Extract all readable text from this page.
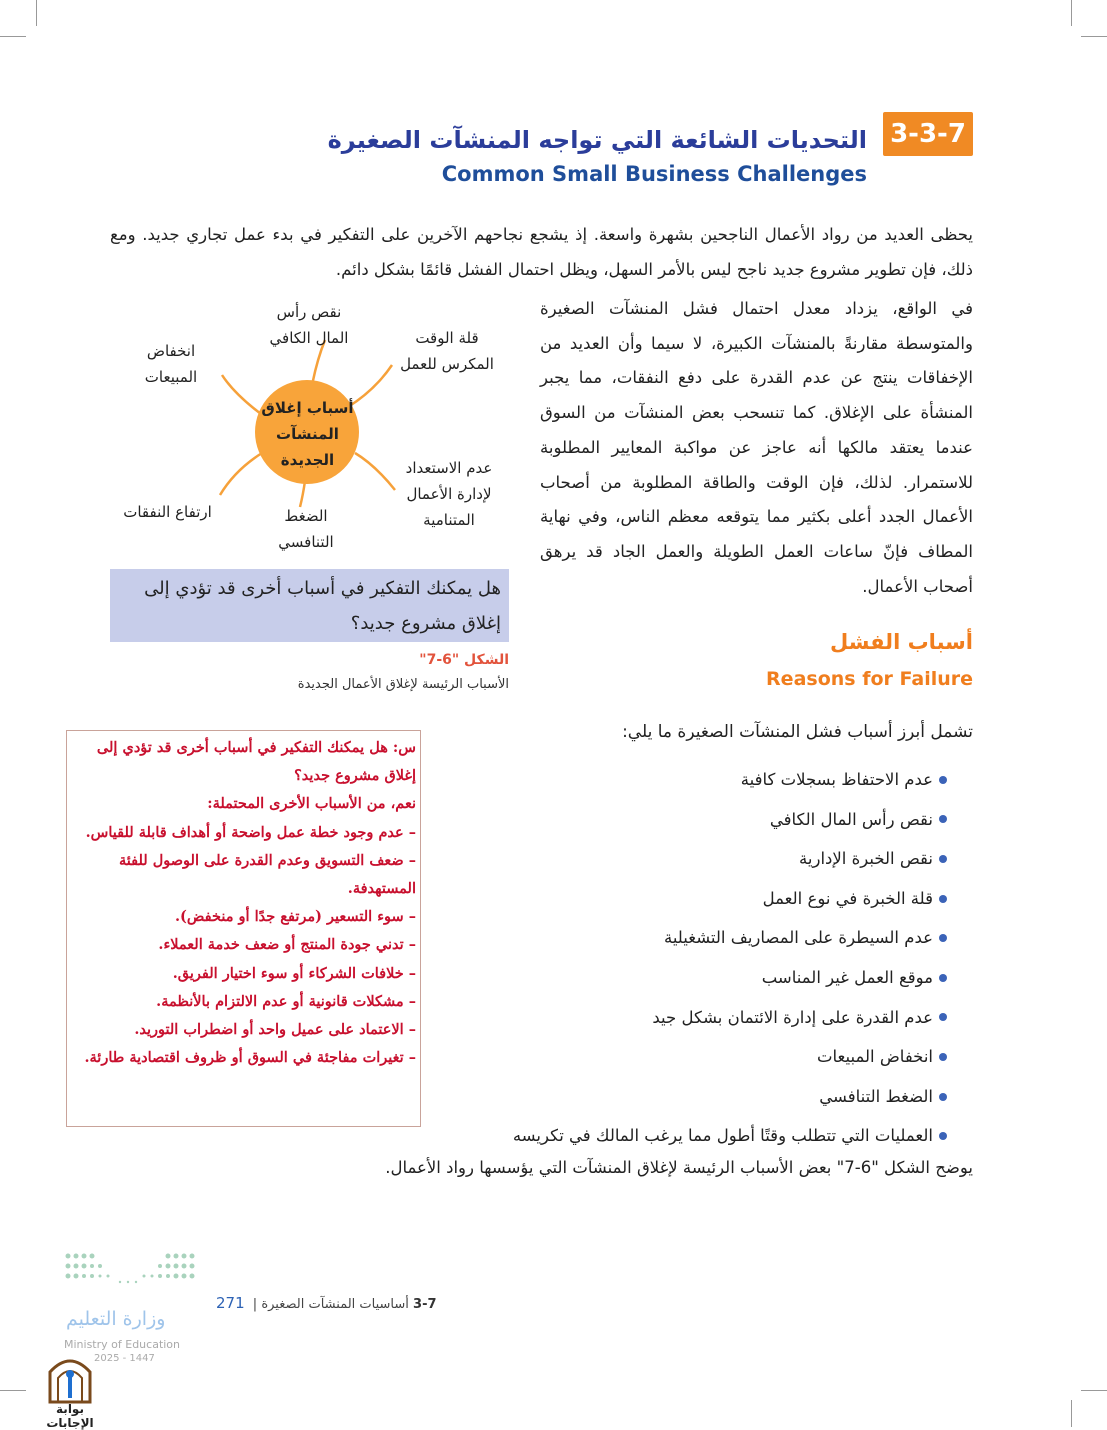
3-3-7
التحديات الشائعة التي تواجه المنشآت الصغيرة
Common Small Business Challenges
يحظى العديد من رواد الأعمال الناجحين بشهرة واسعة. إذ يشجع نجاحهم الآخرين على التفكير في بدء عمل تجاري جديد. ومع ذلك، فإن تطوير مشروع جديد ناجح ليس بالأمر السهل، ويظل احتمال الفشل قائمًا بشكل دائم.
في الواقع، يزداد معدل احتمال فشل المنشآت الصغيرة والمتوسطة مقارنةً بالمنشآت الكبيرة، لا سيما وأن العديد من الإخفاقات ينتج عن عدم القدرة على دفع النفقات، مما يجبر المنشأة على الإغلاق. كما تنسحب بعض المنشآت من السوق عندما يعتقد مالكها أنه عاجز عن مواكبة المعايير المطلوبة للاستمرار. لذلك، فإن الوقت والطاقة المطلوبة من أصحاب الأعمال الجدد أعلى بكثير مما يتوقعه معظم الناس، وفي نهاية المطاف فإنّ ساعات العمل الطويلة والعمل الجاد قد يرهق أصحاب الأعمال.
أسباب إغلاق المنشآت الجديدة
نقص رأس المال الكافي	قلة الوقت المكرس للعمل
انخفاض المبيعات
عدم الاستعداد لإدارة الأعمال المتنامية
الضغط التنافسي
ارتفاع النفقات
هل يمكنك التفكير في أسباب أخرى قد تؤدي إلى إغلاق مشروع جديد؟
الشكل "6-7"
الأسباب الرئيسة لإغلاق الأعمال الجديدة
أسباب الفشل
Reasons for Failure
تشمل أبرز أسباب فشل المنشآت الصغيرة ما يلي:
عدم الاحتفاظ بسجلات كافية
نقص رأس المال الكافي
نقص الخبرة الإدارية
قلة الخبرة في نوع العمل
عدم السيطرة على المصاريف التشغيلية
موقع العمل غير المناسب
عدم القدرة على إدارة الائتمان بشكل جيد
انخفاض المبيعات
الضغط التنافسي
العمليات التي تتطلب وقتًا أطول مما يرغب المالك في تكريسه
يوضح الشكل "6-7" بعض الأسباب الرئيسة لإغلاق المنشآت التي يؤسسها رواد الأعمال.

س: هل يمكنك التفكير في أسباب أخرى قد تؤدي إلى إغلاق مشروع جديد؟

نعم، من الأسباب الأخرى المحتملة:

– عدم وجود خطة عمل واضحة أو أهداف قابلة للقياس.

– ضعف التسويق وعدم القدرة على الوصول للفئة المستهدفة.

– سوء التسعير (مرتفع جدًا أو منخفض).

– تدني جودة المنتج أو ضعف خدمة العملاء.

– خلافات الشركاء أو سوء اختيار الفريق.

– مشكلات قانونية أو عدم الالتزام بالأنظمة.

– الاعتماد على عميل واحد أو اضطراب التوريد.

– تغيرات مفاجئة في السوق أو ظروف اقتصادية طارئة.

3-7 أساسيات المنشآت الصغيرة | 271
وزارة التعليم
Ministry of Education
2025 - 1447
بوابة الإجابات
